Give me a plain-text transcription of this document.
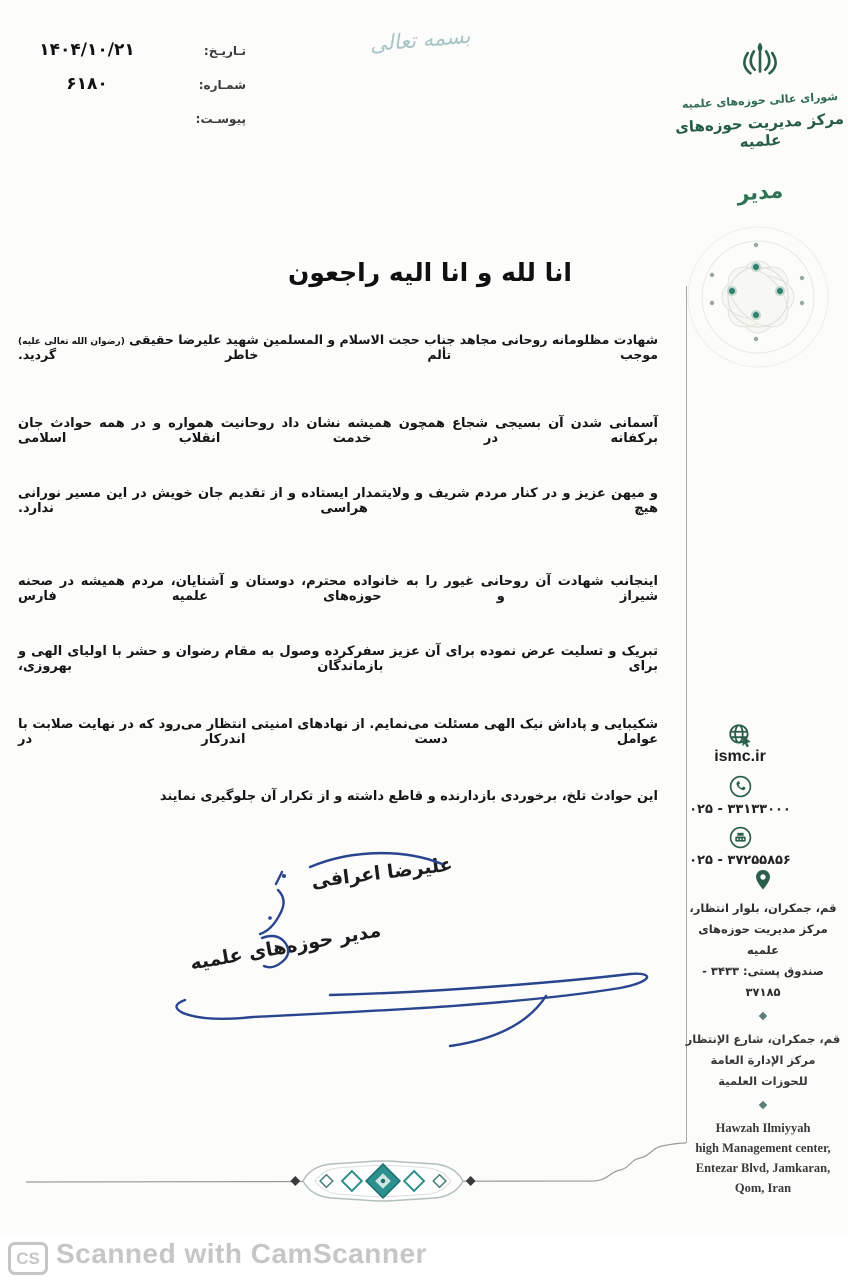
تـاریـخ:
۱۴۰۴/۱۰/۲۱
شمـاره:
۶۱۸۰
پیوسـت:
بسمه تعالی
شورای عالی حوزه‌های علمیه
مرکز مدیریت حوزه‌های علمیه
مدیر
انا لله و انا الیه راجعون
شهادت مظلومانه روحانی مجاهد جناب حجت الاسلام و المسلمین شهید علیرضا حقیقی (رضوان الله تعالی علیه) موجب تألم خاطر گردید.
آسمانی شدن آن بسیجی شجاع همچون همیشه نشان داد روحانیت همواره و در همه حوادث جان برکفانه در خدمت انقلاب اسلامی
و میهن عزیز و در کنار مردم شریف و ولایتمدار ایستاده و از تقدیم جان خویش در این مسیر نورانی هیچ هراسی ندارد.
اینجانب شهادت آن روحانی غیور را به خانواده محترم، دوستان و آشنایان، مردم همیشه در صحنه شیراز و حوزه‌های علمیه فارس
تبریک و تسلیت عرض نموده برای آن عزیز سفرکرده وصول به مقام رضوان و حشر با اولیای الهی و برای بازماندگان بهروزی،
شکیبایی و پاداش نیک الهی مسئلت می‌نمایم. از نهادهای امنیتی انتظار می‌رود که در نهایت صلابت با عوامل دست اندرکار در
این حوادث تلخ، برخوردی بازدارنده و قاطع داشته و از تکرار آن جلوگیری نمایند
علیرضا اعرافی
مدیر حوزه‌های علمیه
ismc.ir
۳۳۱۳۳۰۰۰ - ۰۲۵
۳۷۲۵۵۸۵۶ - ۰۲۵
قم، جمکران، بلوار انتظار،
مرکز مدیریت حوزه‌های علمیه
صندوق پستی: ۳۴۳۳ - ۳۷۱۸۵
قم، جمکران، شارع الإنتظار
مرکز الإدارة العامة
للحوزات العلمیة
Hawzah Ilmiyyah
high Management center,
Entezar Blvd, Jamkaran,
Qom, Iran
CS Scanned with CamScanner
